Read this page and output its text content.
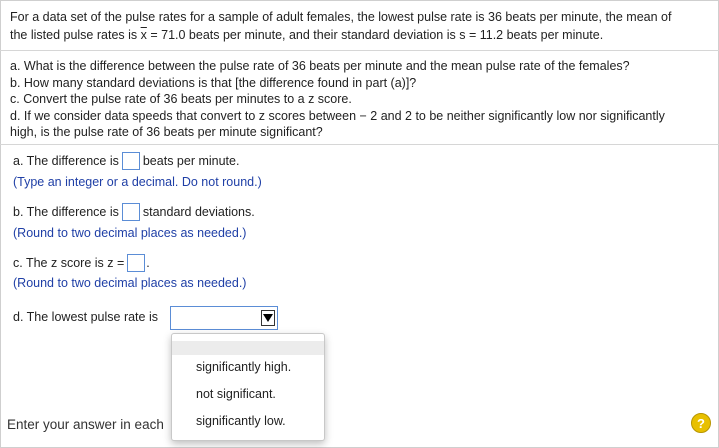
For a data set of the pulse rates for a sample of adult females, the lowest pulse rate is 36 beats per minute, the mean of
the listed pulse rates is $\overline{x} = 71.0$ beats per minute, and their standard deviation is s = 11.2 beats per minute.
a. What is the difference between the pulse rate of 36 beats per minute and the mean pulse rate of the females?
b. How many standard deviations is that [the difference found in part (a)]?
c. Convert the pulse rate of 36 beats per minutes to a z score.
d. If we consider data speeds that convert to z scores between − 2 and 2 to be neither significantly low nor significantly
high, is the pulse rate of 36 beats per minute significant?
a. The difference is beats per minute.
(Type an integer or a decimal. Do not round.)
b. The difference is standard deviations.
(Round to two decimal places as needed.)
c. The z score is z = .
(Round to two decimal places as needed.)
d. The lowest pulse rate is
Enter your answer in each
significantly high.
not significant.
significantly low.	?
